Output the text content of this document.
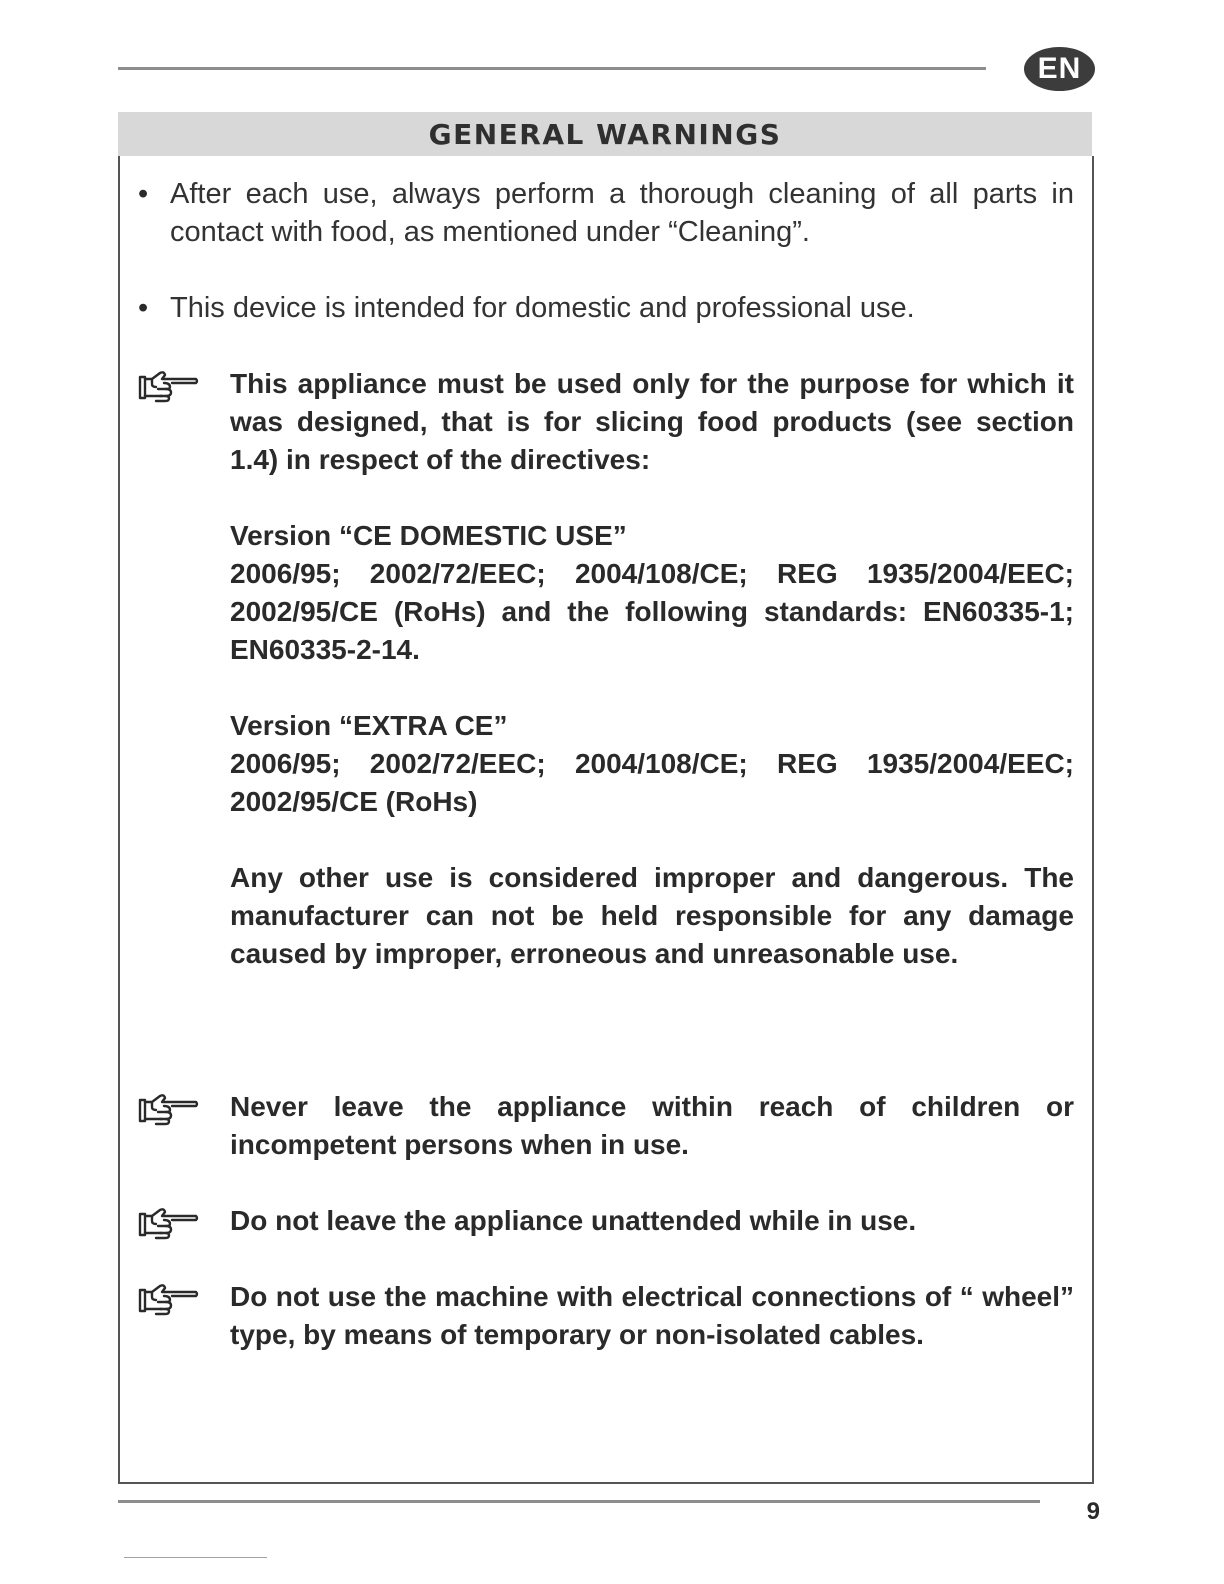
EN
GENERAL WARNINGS
• After each use, always perform a thorough cleaning of all parts in contact with food, as mentioned under “Cleaning”.
• This device is intended for domestic and professional use.
This appliance must be used only for the purpose for which it was designed, that is for slicing food products (see section 1.4) in respect of the directives:
Version “CE DOMESTIC USE”
2006/95; 2002/72/EEC; 2004/108/CE; REG 1935/2004/EEC; 2002/95/CE (RoHs) and the following standards: EN60335-1; EN60335-2-14.
Version “EXTRA CE”
2006/95; 2002/72/EEC; 2004/108/CE; REG 1935/2004/EEC; 2002/95/CE (RoHs)
Any other use is considered improper and dangerous. The manufacturer can not be held responsible for any damage caused by improper, erroneous and unreasonable use.
Never leave the appliance within reach of children or incompetent persons when in use.
Do not leave the appliance unattended while in use.
Do not use the machine with electrical connections of “ wheel” type, by means of temporary or non-isolated cables.
9
